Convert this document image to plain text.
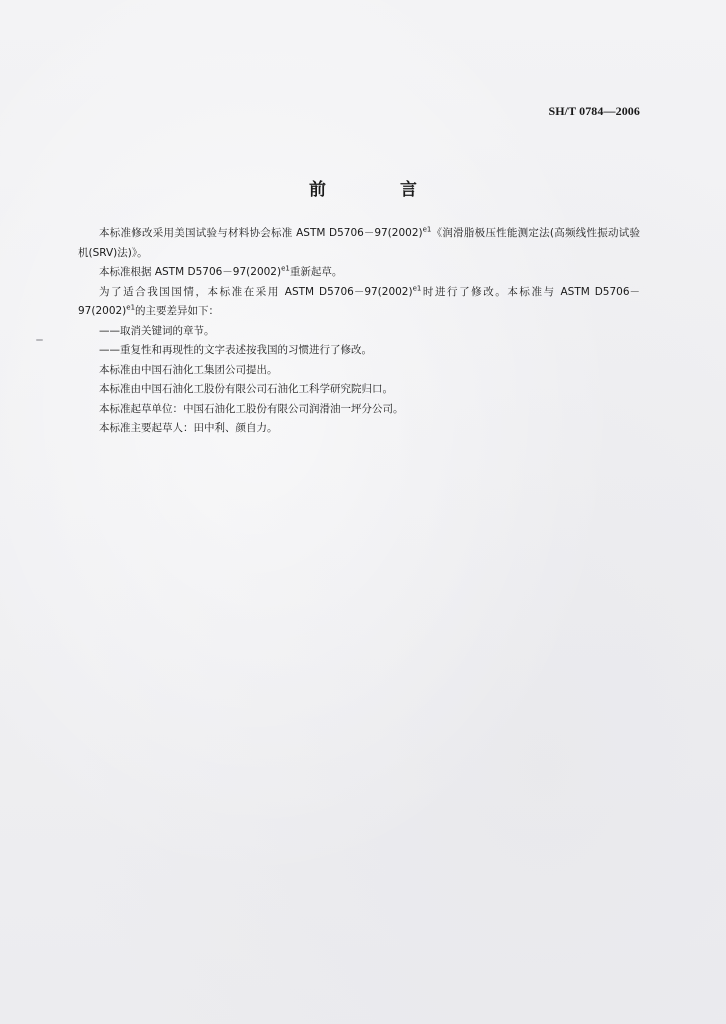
SH/T 0784—2006
前 言

本标准修改采用美国试验与材料协会标准 ASTM $D5706-97(2002)^{e1}$《润滑脂极压性能测定法(高频线性振动试验机(SRV)法)》。

本标准根据 ASTM $D5706-97(2002)^{e1}$重新起草。

为了适合我国国情，本标准在采用 ASTM $D5706-97(2002)^{e1}$时进行了修改。本标准与 ASTM $D5706-97(2002)^{e1}$的主要差异如下：

——取消关键词的章节。

——重复性和再现性的文字表述按我国的习惯进行了修改。

本标准由中国石油化工集团公司提出。

本标准由中国石油化工股份有限公司石油化工科学研究院归口。

本标准起草单位：中国石油化工股份有限公司润滑油一坪分公司。

本标准主要起草人：田中利、颜自力。
